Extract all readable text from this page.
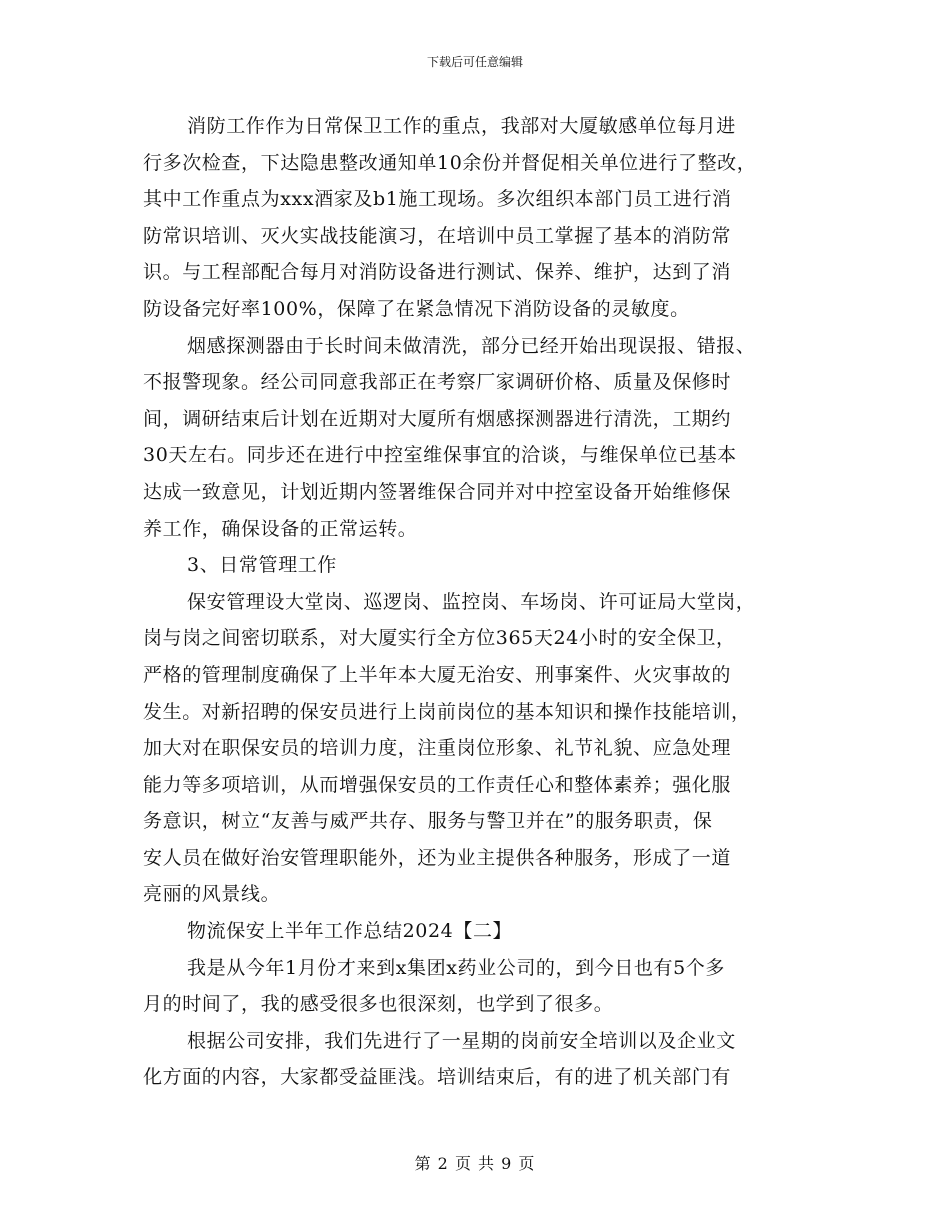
下载后可任意编辑
消防工作作为日常保卫工作的重点，我部对大厦敏感单位每月进
行多次检查，下达隐患整改通知单10余份并督促相关单位进行了整改，
其中工作重点为xxx酒家及b1施工现场。多次组织本部门员工进行消
防常识培训、灭火实战技能演习，在培训中员工掌握了基本的消防常
识。与工程部配合每月对消防设备进行测试、保养、维护，达到了消
防设备完好率100%，保障了在紧急情况下消防设备的灵敏度。
烟感探测器由于长时间未做清洗，部分已经开始出现误报、错报、
不报警现象。经公司同意我部正在考察厂家调研价格、质量及保修时
间，调研结束后计划在近期对大厦所有烟感探测器进行清洗，工期约
30天左右。同步还在进行中控室维保事宜的洽谈，与维保单位已基本
达成一致意见，计划近期内签署维保合同并对中控室设备开始维修保
养工作，确保设备的正常运转。
3、日常管理工作
保安管理设大堂岗、巡逻岗、监控岗、车场岗、许可证局大堂岗，
岗与岗之间密切联系，对大厦实行全方位365天24小时的安全保卫，
严格的管理制度确保了上半年本大厦无治安、刑事案件、火灾事故的
发生。对新招聘的保安员进行上岗前岗位的基本知识和操作技能培训，
加大对在职保安员的培训力度，注重岗位形象、礼节礼貌、应急处理
能力等多项培训，从而增强保安员的工作责任心和整体素养；强化服
务意识，树立“友善与威严共存、服务与警卫并在”的服务职责，保
安人员在做好治安管理职能外，还为业主提供各种服务，形成了一道
亮丽的风景线。
物流保安上半年工作总结2024【二】
我是从今年1月份才来到x集团x药业公司的，到今日也有5个多
月的时间了，我的感受很多也很深刻，也学到了很多。
根据公司安排，我们先进行了一星期的岗前安全培训以及企业文
化方面的内容，大家都受益匪浅。培训结束后，有的进了机关部门有
第 2 页 共 9 页
